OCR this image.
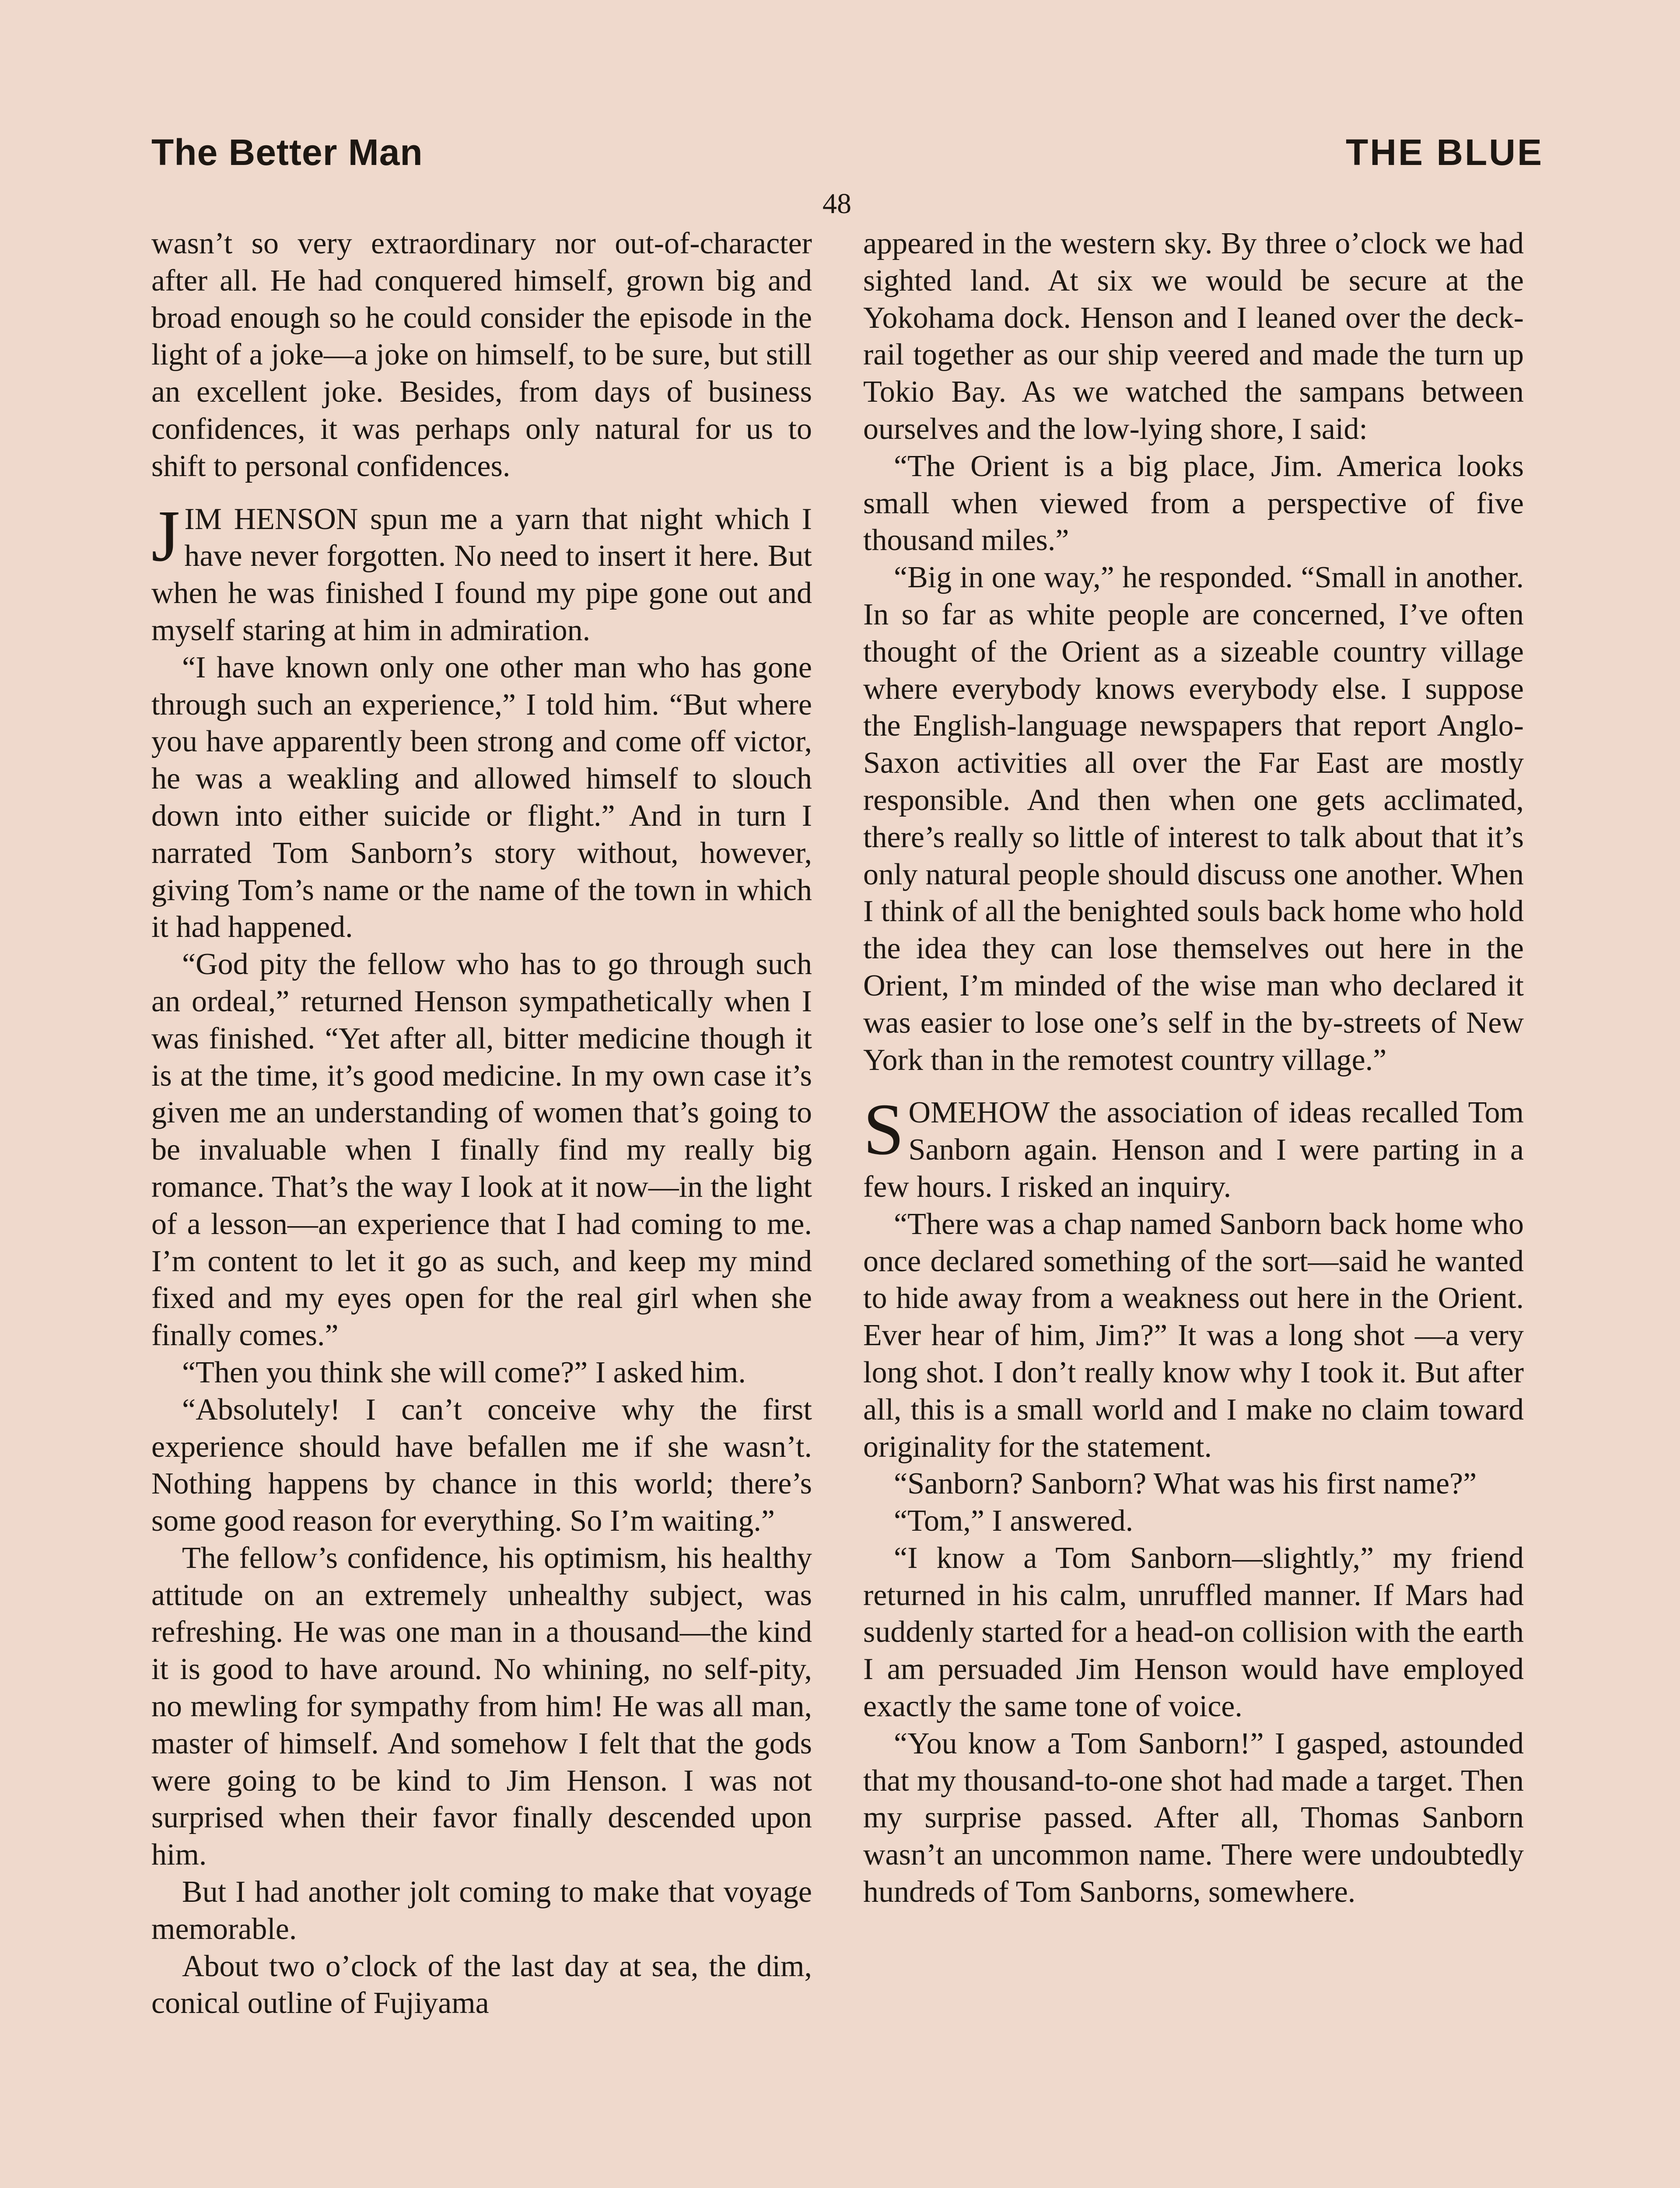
The Better Man	THE BLUE
48

wasn’t so very extraordinary nor out-of-character after all. He had conquered himself, grown big and broad enough so he could consider the episode in the light of a joke—a joke on himself, to be sure, but still an excellent joke. Besides, from days of business confidences, it was perhaps only natural for us to shift to personal confidences.

JIM HENSON spun me a yarn that night which I have never forgotten. No need to insert it here. But when he was finished I found my pipe gone out and myself staring at him in admiration.

“I have known only one other man who has gone through such an experience,” I told him. “But where you have apparently been strong and come off victor, he was a weakling and allowed himself to slouch down into either suicide or flight.” And in turn I narrated Tom Sanborn’s story without, however, giving Tom’s name or the name of the town in which it had happened.

“God pity the fellow who has to go through such an ordeal,” returned Henson sympathetically when I was finished. “Yet after all, bitter medicine though it is at the time, it’s good medicine. In my own case it’s given me an understanding of women that’s going to be invaluable when I finally find my really big romance. That’s the way I look at it now—in the light of a lesson—an experience that I had coming to me. I’m content to let it go as such, and keep my mind fixed and my eyes open for the real girl when she finally comes.”

“Then you think she will come?” I asked him.

“Absolutely! I can’t conceive why the first experience should have befallen me if she wasn’t. Nothing happens by chance in this world; there’s some good reason for everything. So I’m waiting.”

The fellow’s confidence, his optimism, his healthy attitude on an extremely unhealthy subject, was refreshing. He was one man in a thousand—the kind it is good to have around. No whining, no self-pity, no mewling for sympathy from him! He was all man, master of himself. And somehow I felt that the gods were going to be kind to Jim Henson. I was not surprised when their favor finally descended upon him.

But I had another jolt coming to make that voyage memorable.

About two o’clock of the last day at sea, the dim, conical outline of Fujiyama

appeared in the western sky. By three o’clock we had sighted land. At six we would be secure at the Yokohama dock. Henson and I leaned over the deck-rail together as our ship veered and made the turn up Tokio Bay. As we watched the sampans between ourselves and the low-lying shore, I said:

“The Orient is a big place, Jim. America looks small when viewed from a perspective of five thousand miles.”

“Big in one way,” he responded. “Small in another. In so far as white people are concerned, I’ve often thought of the Orient as a sizeable country village where everybody knows everybody else. I suppose the English-language newspapers that report Anglo-Saxon activities all over the Far East are mostly responsible. And then when one gets acclimated, there’s really so little of interest to talk about that it’s only natural people should discuss one another. When I think of all the benighted souls back home who hold the idea they can lose themselves out here in the Orient, I’m minded of the wise man who declared it was easier to lose one’s self in the by-streets of New York than in the remotest country village.”

SOMEHOW the association of ideas recalled Tom Sanborn again. Henson and I were parting in a few hours. I risked an inquiry.

“There was a chap named Sanborn back home who once declared something of the sort—said he wanted to hide away from a weakness out here in the Orient. Ever hear of him, Jim?” It was a long shot —a very long shot. I don’t really know why I took it. But after all, this is a small world and I make no claim toward originality for the statement.

“Sanborn? Sanborn? What was his first name?”

“Tom,” I answered.

“I know a Tom Sanborn—slightly,” my friend returned in his calm, unruffled manner. If Mars had suddenly started for a head-on collision with the earth I am persuaded Jim Henson would have employed exactly the same tone of voice.

“You know a Tom Sanborn!” I gasped, astounded that my thousand-to-one shot had made a target. Then my surprise passed. After all, Thomas Sanborn wasn’t an uncommon name. There were undoubtedly hundreds of Tom Sanborns, somewhere.
